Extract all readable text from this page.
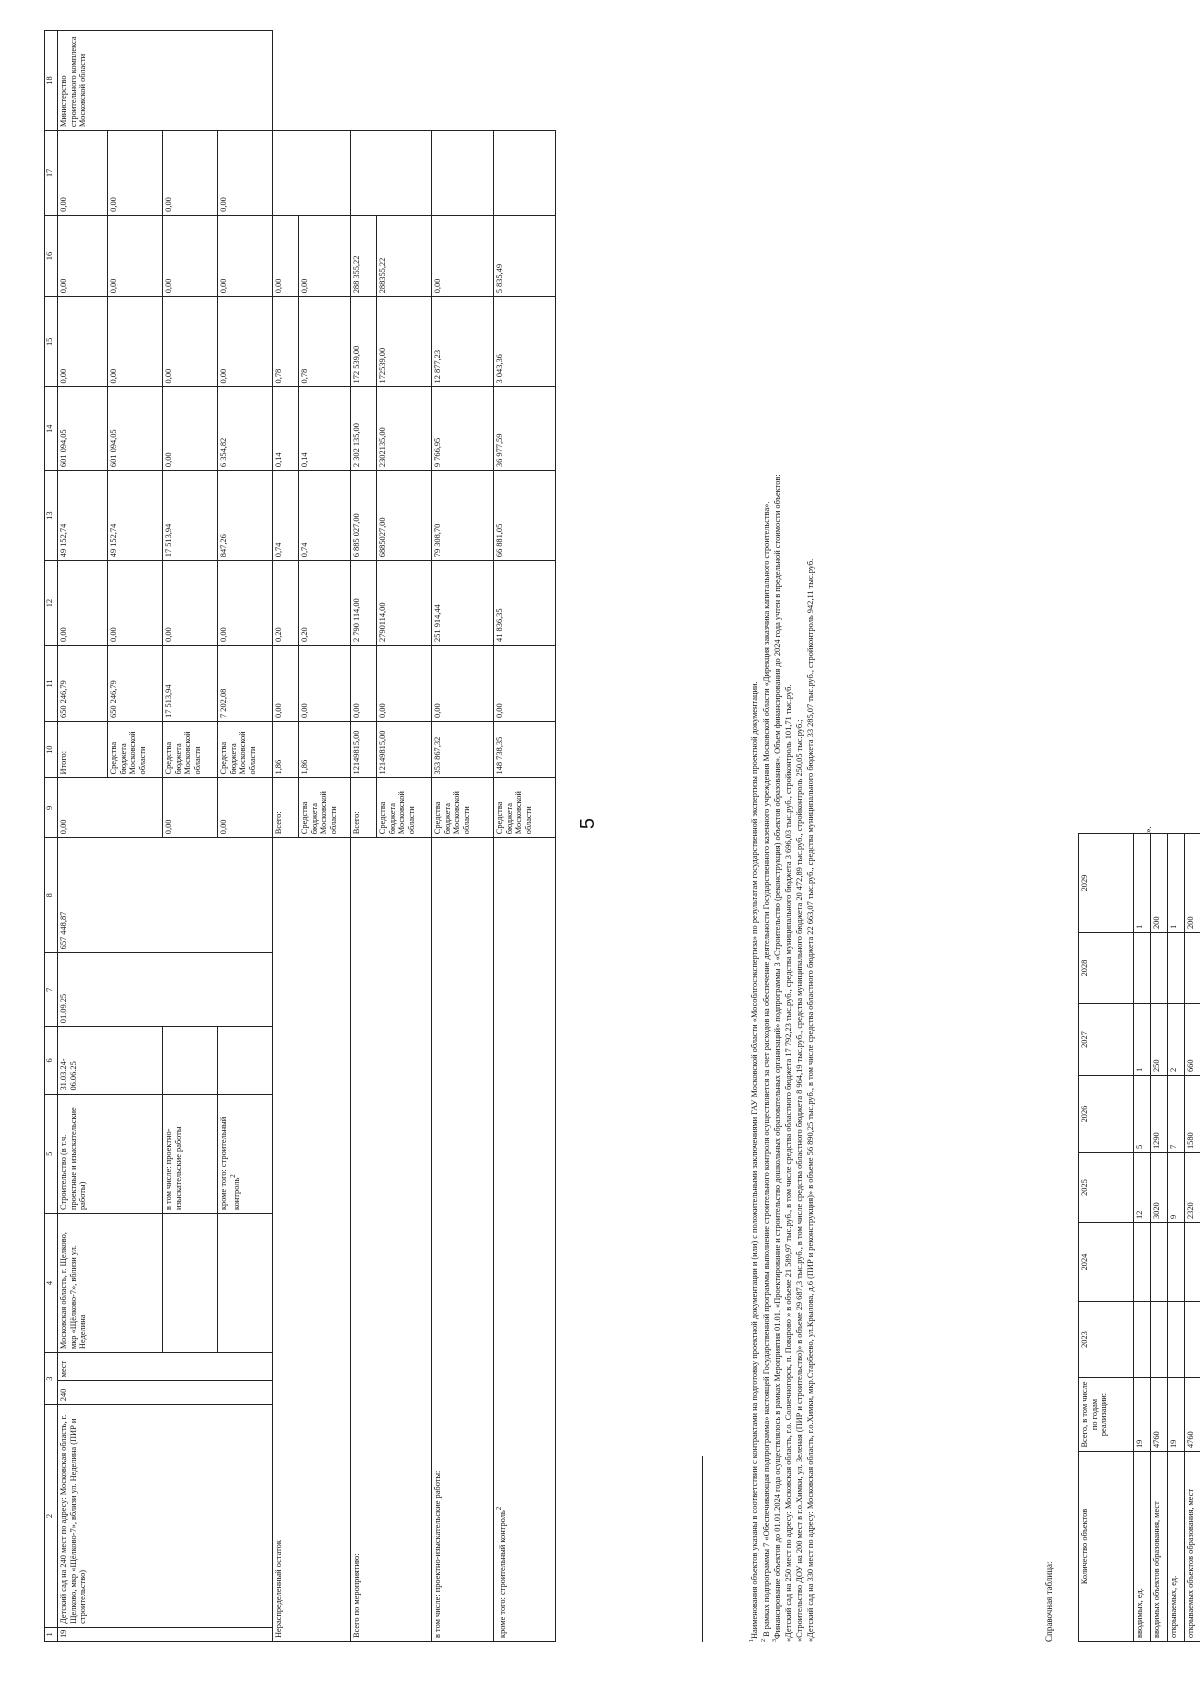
5
1	2	3		4	5	6	7	8	9	10	11	12	13	14	15	16	17	18
19	Детский сад на 240 мест по адресу: Московская область, г. Щелково, мкр «Щёлково-7», вблизи ул. Неделина (ПИР и строительство)	240	мест	Московская область, г. Щелково, мкр «Щёлково-7», вблизи ул. Неделина	Строительство (в т.ч. проектные и изыскательские работы)	31.03.24-06.06.25	01.09.25	657 448,87	0,00	Итого:	650 246,79	0,00	49 152,74	601 094,05	0,00	0,00	0,00	Министерство строительного комплекса Московской области
										Средства бюджета Московской области	650 246,79	0,00	49 152,74	601 094,05	0,00	0,00	0,00	
					в том числе: проектно-изыскательские работы				0,00	Средства бюджета Московской области	17 513,94	0,00	17 513,94	0,00	0,00	0,00	0,00	
					кроме того: строительный контроль$^2$				0,00	Средства бюджета Московской области	7 202,08	0,00	847,26	6 354,82	0,00	0,00	0,00	
Нераспределенный остаток									Всего:	1,86	0,00	0,20	0,74	0,14	0,78	0,00		
									Средства бюджета Московской области	1,86	0,00	0,20	0,74	0,14	0,78	0,00		
Всего по мероприятию:									Всего:	12149815,00	0,00	2 790 114,00	6 885 027,00	2 302 135,00	172 539,00	288 355,22		
									Средства бюджета Московской области	12149815,00	0,00	2790114,00	6885027,00	2302135,00	172539,00	288355,22		
в том числе: проектно-изыскательские работы:									Средства бюджета Московской области	353 867,32	0,00	251 914,44	79 308,70	9 766,95	12 877,23	0,00		
кроме того: строительный контроль$^2$									Средства бюджета Московской области	148 738,35	0,00	41 836,35	66 881,05	36 977,59	3 043,36	5 835,49		

$^1$Наименования объектов указаны в соответствии с контрактами на подготовку проектной документации и (или) с положительными заключениями ГАУ Московской области «Мособлгосэкспертиза» по результатам государственной экспертизы проектной документации.

$^2$ В рамках подпрограммы 7 «Обеспечивающая подпрограмма» настоящей Государственной программы выполнение строительного контроля осуществляется за счет расходов на обеспечение деятельности Государственного казенного учреждения Московской области «Дирекция заказчика капитального строительства».

$^3$Финансирование объектов до 01.01.2024 года осуществлялось в рамках Мероприятия 01.01. «Проектирование и строительство дошкольных образовательных организаций» подпрограммы 3 «Строительство (реконструкция) объектов образования». Объем финансирования до 2024 года учтен в предельной стоимости объектов: «Детский сад на 250 мест по адресу: Московская область, г.о. Солнечногорск, п. Поварово » в объеме 21 589,97 тыс.руб., в том числе средства областного бюджета 17 792,23 тыс.руб., средства муниципального бюджета 3 696,03 тыс.руб., стройконтроль 101,71 тыс.руб. «Строительство ДОУ на 200 мест в г.о.Химки, ул. Зеленая (ПИР и строительство)» в объеме 29 687,3 тыс.руб., в том числе средства областного бюджета 8 964,19 тыс.руб., средства муниципального бюджета 20 472,89 тыс.руб., стройконтроль 250,05 тыс.руб.; «Детский сад на 330 мест по адресу: Московская область, г.о.Химки, мкр.Старбеево, ул.Крылова, д.6 (ПИР и реконструкция)» в объеме 56 890,25 тыс.руб., в том числе средства областного бюджета 22 663,07 тыс.руб., средства муниципального бюджета 33 285,07 тыс.руб., стройконтроль 942,11 тыс.руб.	Справочная таблица:
Количество объектов	Всего, в том числе по годам реализации:	2023	2024	2025	2026	2027	2028	2029
вводимых, ед.	19			12	5	1		1
вводимых объектов образования, мест	4760			3020	1290	250		200
открываемых, ед.	19			9	7	2		1
открываемых объектов образования, мест	4760			2320	1580	660		200
».
